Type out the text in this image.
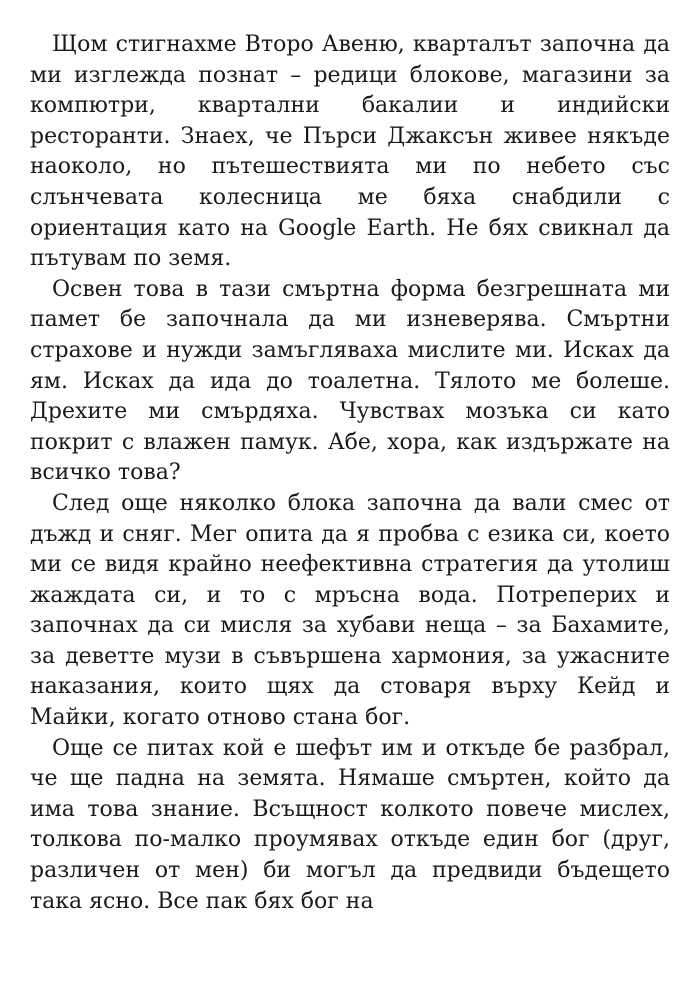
Щом стигнахме Второ Авеню, кварталът започна да ми изглежда познат – редици блокове, магазини за компютри, квартални бакалии и индийски ресторанти. Знаех, че Пърси Джаксън живее някъде наоколо, но пътешествията ми по небето със слънчевата колесница ме бяха снабдили с ориентация като на Google Earth. Не бях свикнал да пътувам по земя.

Освен това в тази смъртна форма безгрешната ми памет бе започнала да ми изневерява. Смъртни страхове и нужди замъгляваха мислите ми. Исках да ям. Исках да ида до тоалетна. Тялото ме болеше. Дрехите ми смърдяха. Чувствах мозъка си като покрит с влажен памук. Абе, хора, как издържате на всичко това?

След още няколко блока започна да вали смес от дъжд и сняг. Мег опита да я пробва с езика си, което ми се видя крайно неефективна стратегия да утолиш жаждата си, и то с мръсна вода. Потреперих и започнах да си мисля за хубави неща – за Бахамите, за деветте музи в съвършена хармония, за ужасните наказания, които щях да стоваря върху Кейд и Майки, когато отново стана бог.

Още се питах кой е шефът им и откъде бе разбрал, че ще падна на земята. Нямаше смъртен, който да има това знание. Всъщност колкото повече мислех, толкова по-малко проумявах откъде един бог (друг, различен от мен) би могъл да предвиди бъдещето така ясно. Все пак бях бог на
